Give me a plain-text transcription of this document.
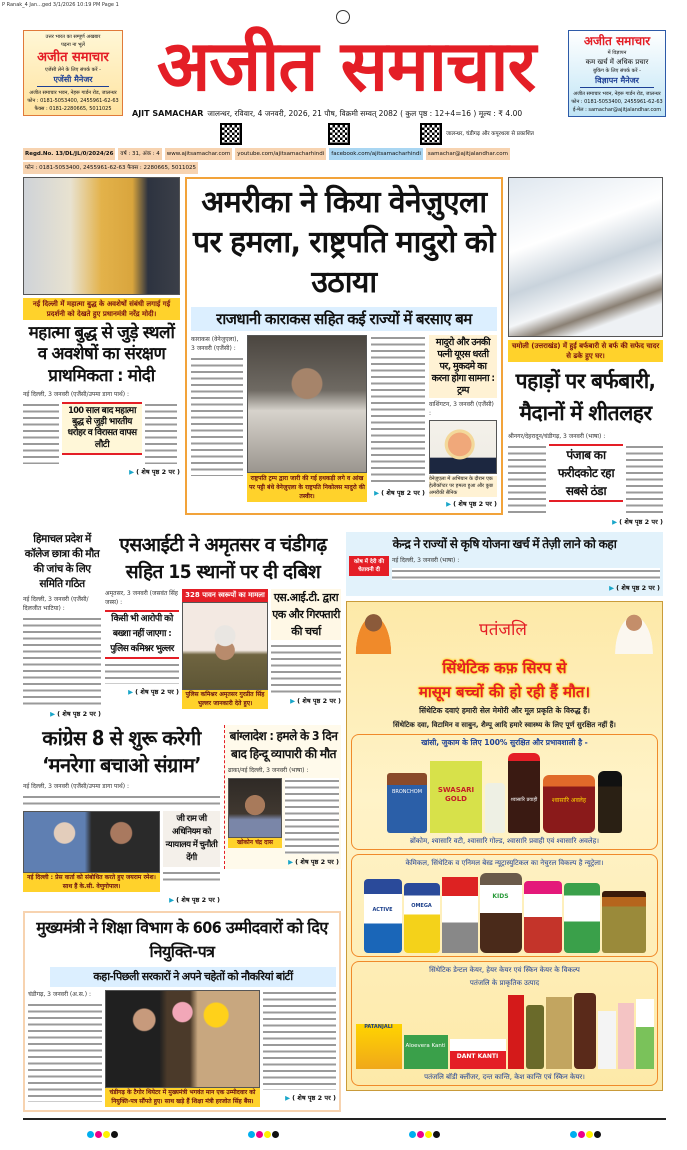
P Ranak_4 Jan...ged 3/1/2026 10:19 PM Page 1
उत्तर भारत का सम्पूर्ण अखबार
पढ़ना ना भूलें
अजीत समाचार
एजेंसी लेने के लिए संपर्क करें -
एजेंसी मैनेजर
अजीत समाचार भवन, नेहरू गार्डन रोड, जालन्धर
फोन : 0181-5053400, 2455961-62-63
फैक्स : 0181-2280665, 5011025
अजीत समाचार
AJIT SAMACHAR जालन्धर, रविवार, 4 जनवरी, 2026, 21 पौष, विक्रमी सम्वत् 2082 ( कुल पृष्ठ : 12+4=16 ) मूल्य : ₹ 4.00
जालन्धर, चंडीगढ़ और कपूरथला से प्रकाशित
अजीत समाचार
में विज्ञापन
कम खर्च में अधिक प्रचार
बुकिंग के लिए संपर्क करें -
विज्ञापन मैनेजर
अजीत समाचार भवन, नेहरू गार्डन रोड, जालन्धर
फोन : 0181-5053400, 2455961-62-63
ई-मेल : samachar@ajitjalandhar.com
Regd.No. 13/DL/JL/0/2024/26	वर्ष : 31, अंक : 4	www.ajitsamachar.com	youtube.com/ajitsamacharhindi	facebook.com/ajitsamacharhindi	samachar@ajitjalandhar.com
फोन : 0181-5053400, 2455961-62-63 फैक्स : 2280665, 5011025
नई दिल्ली में महात्मा बुद्ध के अवशेषों संबंधी लगाई गई प्रदर्शनी को देखते हुए प्रधानमंत्री नरेंद्र मोदी।
महात्मा बुद्ध से जुड़े स्थलों व अवशेषों का संरक्षण प्राथमिकता : मोदी
नई दिल्ली, 3 जनवरी (एजैंसी/उपमा डागा पार्थ) :
100 साल बाद महात्मा बुद्ध से जुड़ी भारतीय धरोहर व विरासत वापस लौटी
▶ ( शेष पृष्ठ 2 पर )
अमरीका ने किया वेनेज़ुएला पर हमला, राष्ट्रपति मादुरो को उठाया
राजधानी काराकस सहित कई राज्यों में बरसाए बम
काराकस (वेनेजुएला), 3 जनवरी (एजैंसी) :
राष्ट्रपति ट्रम्प द्वारा जारी की गई हथकड़ी लगे व आंख पर पट्टी बंधे वेनेज़ुएला के राष्ट्रपति निकोलस मादुरो की तस्वीर।	▶ ( शेष पृष्ठ 2 पर )
मादुरो और उनकी पत्नी यूएस धरती पर, मुकदमे का करना होगा सामना : ट्रम्प
वाशिंगटन, 3 जनवरी (एजैंसी) :
वेनेज़ुएला में अभियान के दौरान एक हेलीकॉप्टर पर हमला हुआ और कुछ अमरीकी सैनिक
▶ ( शेष पृष्ठ 2 पर )
चमोली (उत्तराखंड) में हुई बर्फबारी से बर्फ की सफेद चादर से ढके हुए घर।
पहाड़ों पर बर्फबारी, मैदानों में शीतलहर
श्रीनगर/देहरादून/चंडीगढ़, 3 जनवरी (भाषा) :
पंजाब का फरीदकोट रहा सबसे ठंडा
▶ ( शेष पृष्ठ 2 पर )
हिमाचल प्रदेश में कॉलेज छात्रा की मौत की जांच के लिए समिति गठित
नई दिल्ली, 3 जनवरी (एजैंसी/दिलजीत भाटिया) :
▶ ( शेष पृष्ठ 2 पर )
एसआईटी ने अमृतसर व चंडीगढ़ सहित 15 स्थानों पर दी दबिश
अमृतसर, 3 जनवरी (जसवंत सिंह जस्स) :
किसी भी आरोपी को बख्शा नहीं जाएगा : पुलिस कमिश्नर भुल्लर
▶ ( शेष पृष्ठ 2 पर )
328 पावन स्वरूपों का मामला
पुलिस कमिश्नर अमृतसर गुरप्रीत सिंह भुल्लर जानकारी देते हुए।
एस.आई.टी. द्वारा एक और गिरफ्तारी की चर्चा
▶ ( शेष पृष्ठ 2 पर )
कांग्रेस 8 से शुरू करेगी ‘मनरेगा बचाओ संग्राम’
नई दिल्ली, 3 जनवरी (एजैंसी/उपमा डागा पार्थ) :
नई दिल्ली : प्रेस वार्ता को संबोधित करते हुए जयराम रमेश। साथ हैं के.सी. वेणुगोपाल।
जी राम जी अधिनियम को न्यायालय में चुनौती देंगी
▶ ( शेष पृष्ठ 2 पर )
बांग्लादेश : हमले के 3 दिन बाद हिन्दू व्यापारी की मौत
ढाका/नई दिल्ली, 3 जनवरी (भाषा) :
खोकोन चंद्र दास
▶ ( शेष पृष्ठ 2 पर )
मुख्यमंत्री ने शिक्षा विभाग के 606 उम्मीदवारों को दिए नियुक्ति-पत्र
कहा-पिछली सरकारों ने अपने चहेतों को नौकरियां बांटीं
चंडीगढ़, 3 जनवरी (अ.स.) :
चंडीगढ़ के टैगोर थियेटर में मुख्यमंत्री भगवंत मान एक उम्मीदवार को नियुक्ति-पत्र सौंपते हुए। साथ खड़े हैं शिक्षा मंत्री हरजोत सिंह बैंस।	▶ ( शेष पृष्ठ 2 पर )
केन्द्र ने राज्यों से कृषि योजना खर्च में तेज़ी लाने को कहा
कोष में देरी की चेतावनी दी
नई दिल्ली, 3 जनवरी (भाषा) :
▶ ( शेष पृष्ठ 2 पर )
पतंजलि
सिंथेटिक कफ़ सिरप से
मासूम बच्चों की हो रही हैं मौत।
सिंथेटिक दवाएं हमारी सेल मेमोरी और मूल प्रकृति के विरुद्ध हैं।
सिंथेटिक दवा, विटामिन व साबुन, शैम्पू आदि हमारे स्वास्थ्य के लिए पूर्ण सुरक्षित नहीं हैं।
खांसी, जुकाम के लिए 100% सुरक्षित और प्रभावशाली है -
BRONCHOM	SWASARI GOLD	श्वासारि प्रवाही	श्वासारि अवलेह
ब्रोंकोम, श्वासारि वटी, श्वासारि गोल्ड, श्वासारि प्रवाही एवं श्वासारि अवलेह।
केमिकल, सिंथेटिक व एनिमल बेस्ड न्यूट्रास्युटिकल का नेचुरल विकल्प है न्यूट्रेला।
ACTIVE
OMEGA
KIDS
सिंथेटिक डेन्टल केयर, हेयर केयर एवं स्किन केयर के विकल्प
पतंजलि के प्राकृतिक उत्पाद
PATANJALI
Aloevera Kanti
DANT KANTI
पतंजलि बॉडी क्लींजर, दन्त कान्ति, केश कान्ति एवं स्किन केयर।
